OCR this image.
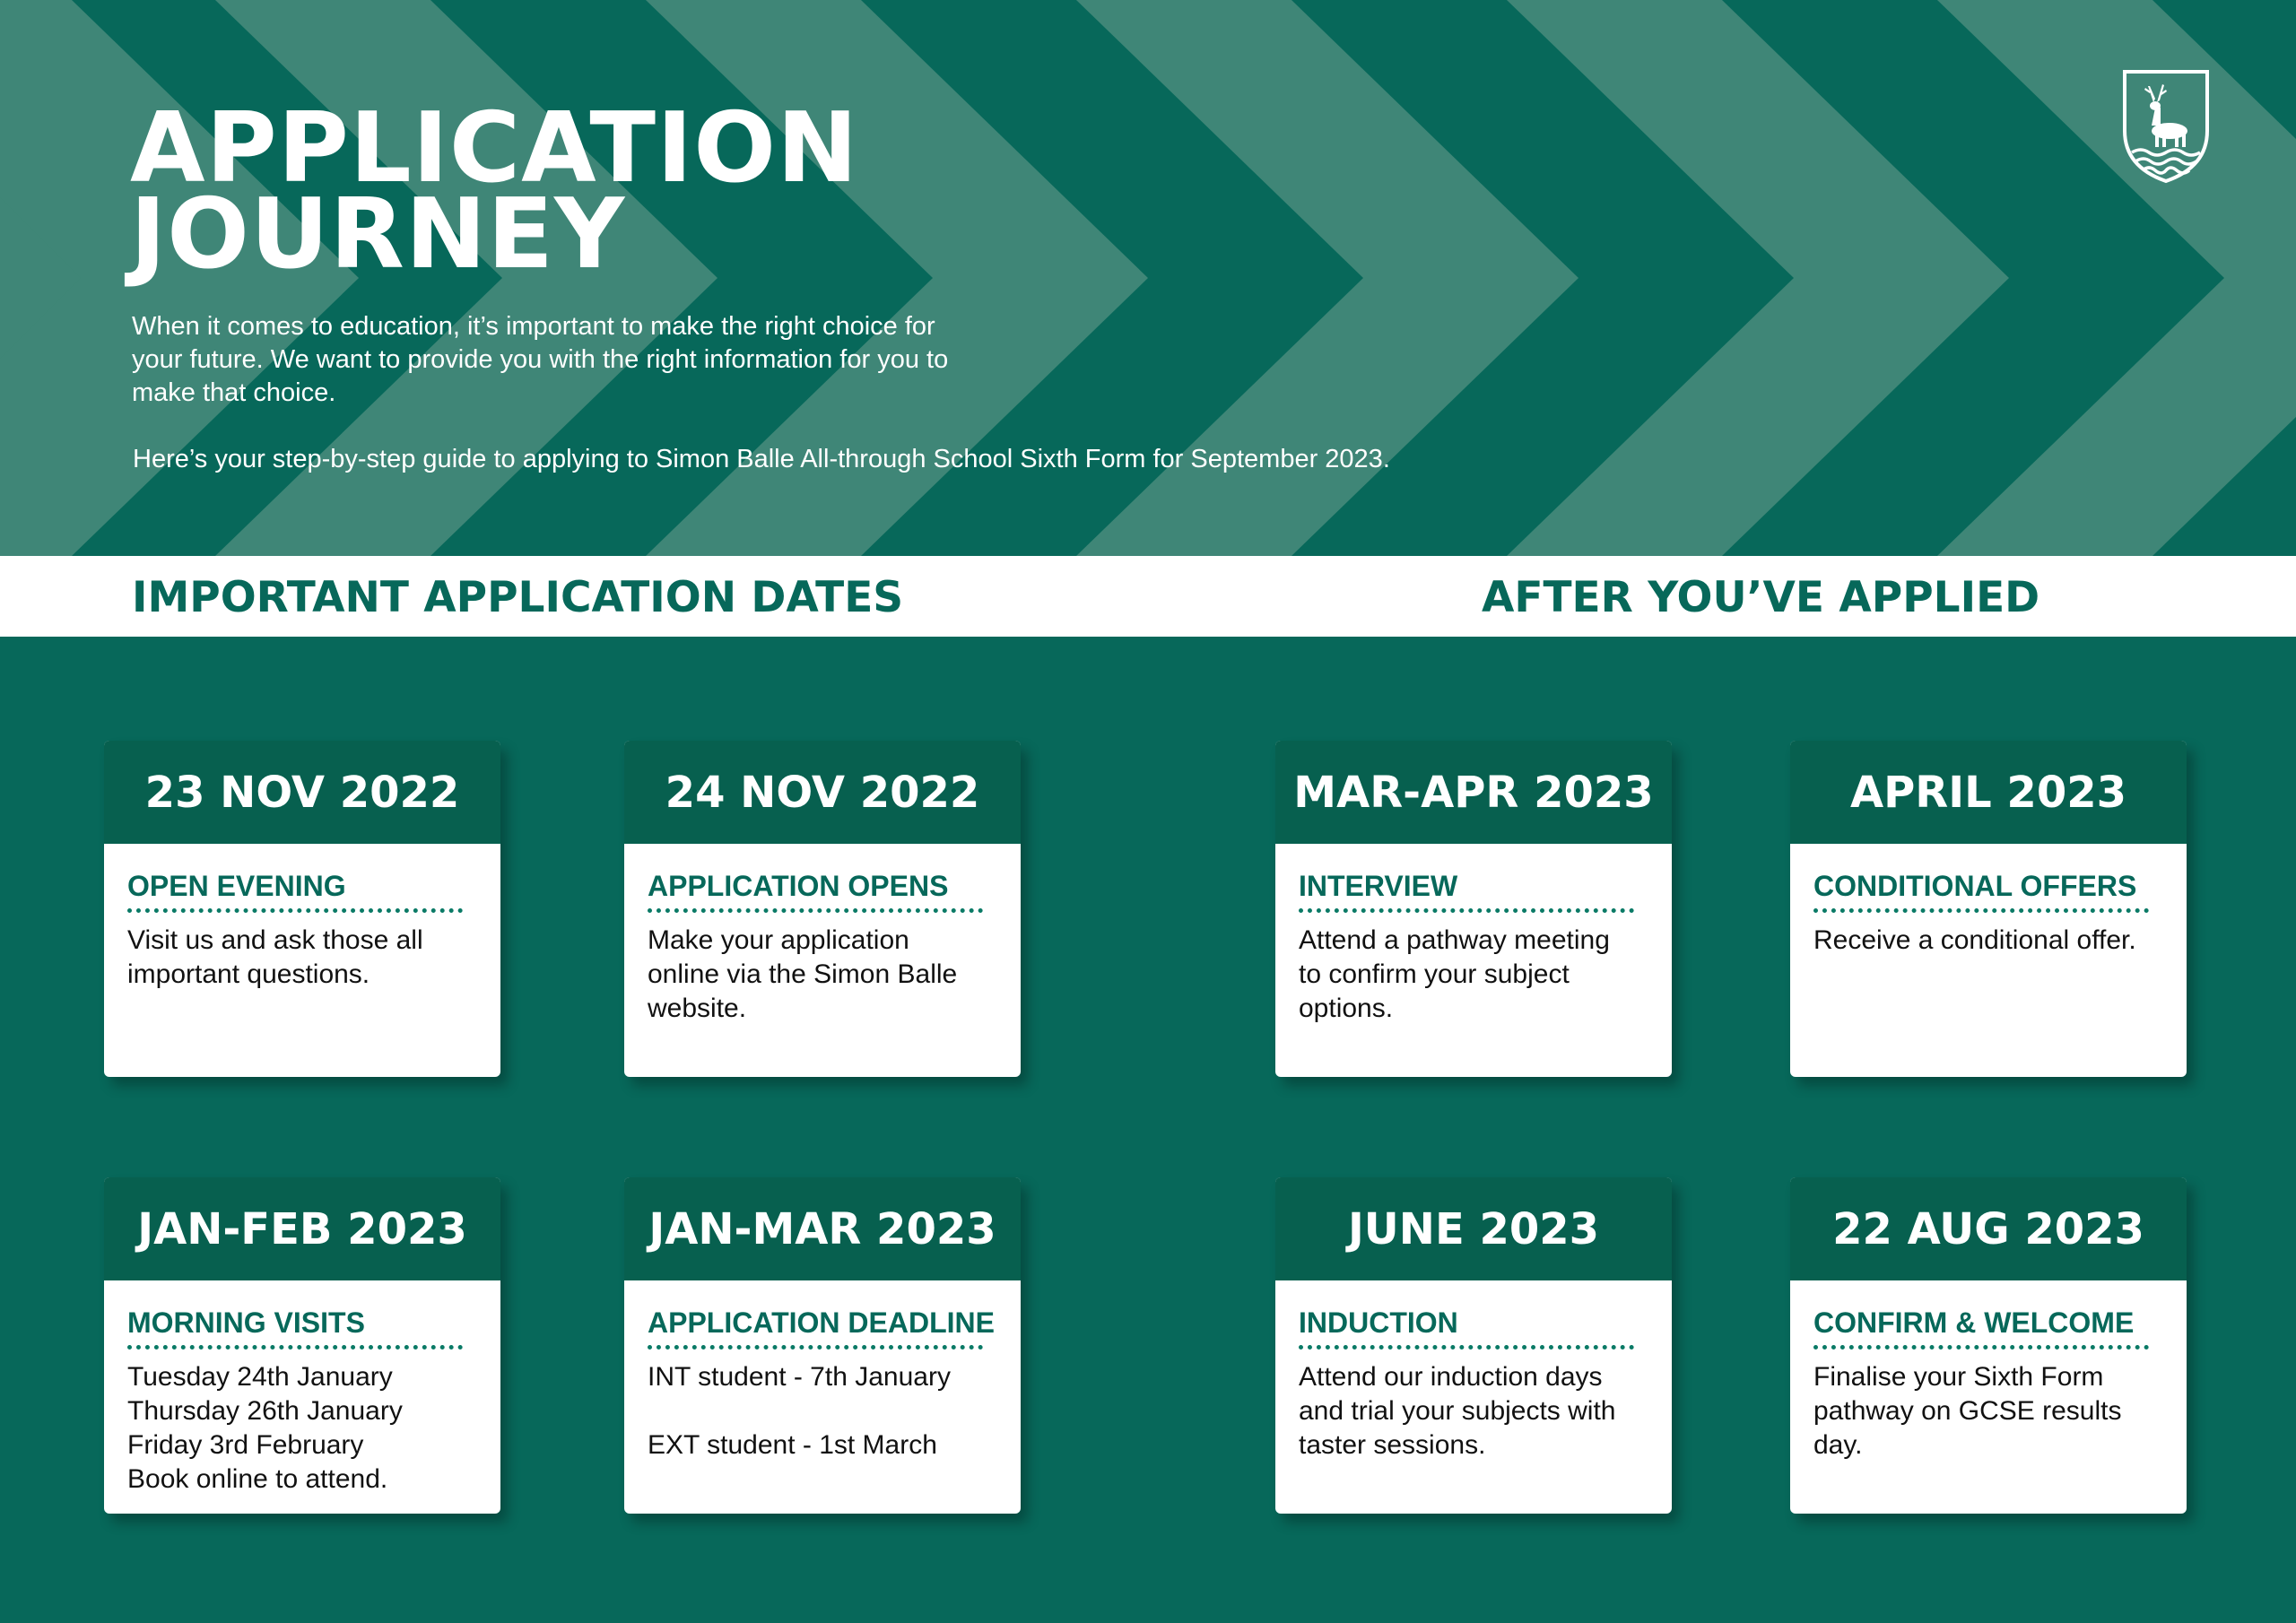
APPLICATION
JOURNEY

When it comes to education, it’s important to make the right choice for your future. We want to provide you with the right information for you to make that choice.

Here’s your step-by-step guide to applying to Simon Balle All-through School Sixth Form for September 2023.

IMPORTANT APPLICATION DATES	AFTER YOU’VE APPLIED
23 NOV 2022
OPEN EVENING
Visit us and ask those all
important questions.
24 NOV 2022
APPLICATION OPENS
Make your application
online via the Simon Balle
website.
MAR-APR 2023
INTERVIEW
Attend a pathway meeting
to confirm your subject
options.
APRIL 2023
CONDITIONAL OFFERS
Receive a conditional offer.
JAN-FEB 2023
MORNING VISITS
Tuesday 24th January
Thursday 26th January
Friday 3rd February
Book online to attend.
JAN-MAR 2023
APPLICATION DEADLINE
INT student - 7th January
EXT student - 1st March
JUNE 2023
INDUCTION
Attend our induction days
and trial your subjects with
taster sessions.
22 AUG 2023
CONFIRM & WELCOME
Finalise your Sixth Form
pathway on GCSE results
day.
